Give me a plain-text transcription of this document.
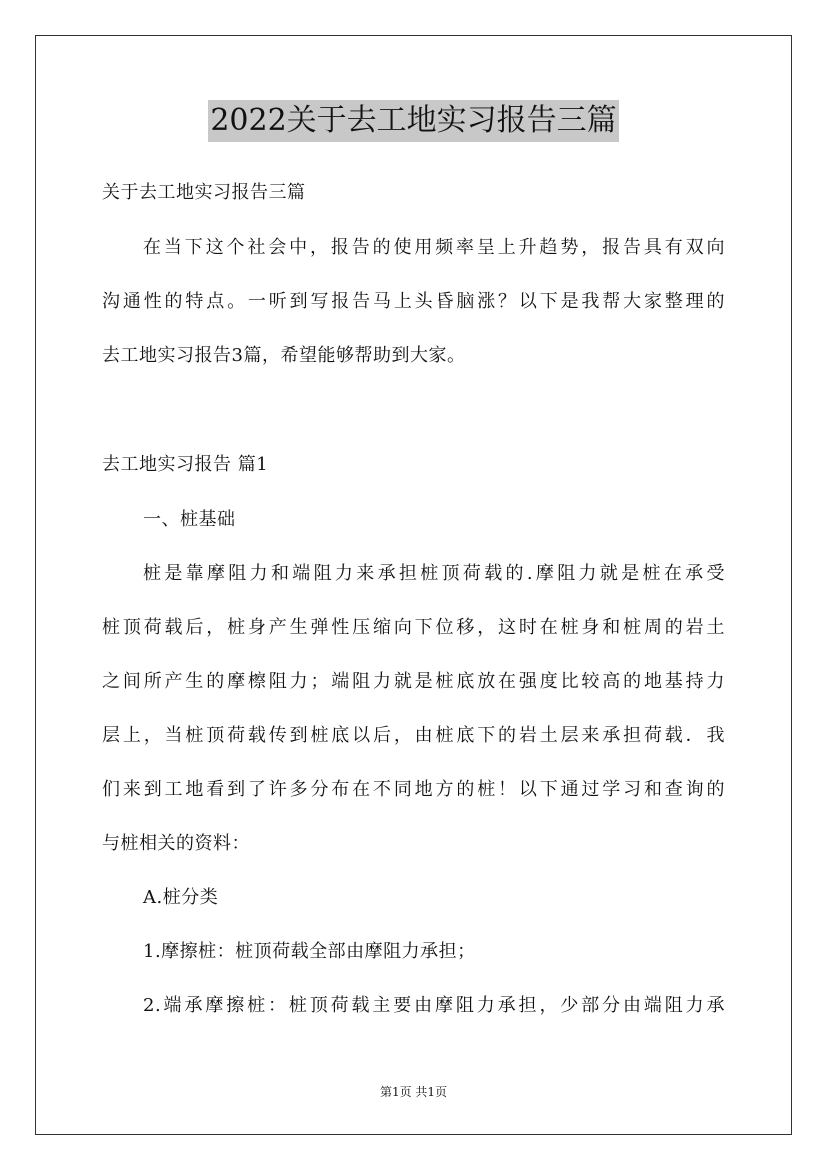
2022关于去工地实习报告三篇
关于去工地实习报告三篇
在当下这个社会中，报告的使用频率呈上升趋势，报告具有双向
沟通性的特点。一听到写报告马上头昏脑涨？以下是我帮大家整理的
去工地实习报告3篇，希望能够帮助到大家。
去工地实习报告 篇1
一、桩基础
桩是靠摩阻力和端阻力来承担桩顶荷载的.摩阻力就是桩在承受
桩顶荷载后，桩身产生弹性压缩向下位移，这时在桩身和桩周的岩土
之间所产生的摩檫阻力；端阻力就是桩底放在强度比较高的地基持力
层上，当桩顶荷载传到桩底以后，由桩底下的岩土层来承担荷载．我
们来到工地看到了许多分布在不同地方的桩！以下通过学习和查询的
与桩相关的资料：
A.桩分类
1.摩擦桩：桩顶荷载全部由摩阻力承担；
2.端承摩擦桩：桩顶荷载主要由摩阻力承担，少部分由端阻力承
第1页 共1页
